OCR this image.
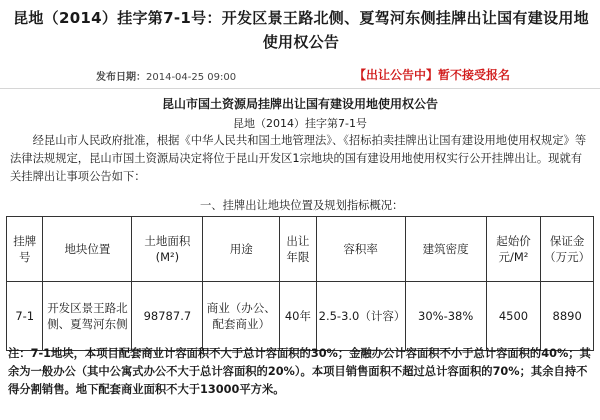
昆地（2014）挂字第7-1号：开发区景王路北侧、夏驾河东侧挂牌出让国有建设用地使用权公告
发布日期：2014-04-25 09:00	【出让公告中】暂不接受报名
昆山市国土资源局挂牌出让国有建设用地使用权公告
昆地（2014）挂字第7-1号
经昆山市人民政府批准，根据《中华人民共和国土地管理法》、《招标拍卖挂牌出让国有建设用地使用权规定》等法律法规规定，昆山市国土资源局决定将位于昆山开发区1宗地块的国有建设用地使用权实行公开挂牌出让。现就有关挂牌出让事项公告如下：
一、挂牌出让地块位置及规划指标概况：
挂牌号	地块位置	土地面积(M²)	用途	出让年限	容积率	建筑密度	起始价元/M²	保证金（万元）
7-1	开发区景王路北侧、夏驾河东侧	98787.7	商业（办公、配套商业）	40年	2.5-3.0（计容）	30%-38%	4500	8890
注：7-1地块，本项目配套商业计容面积不大于总计容面积的30%；金融办公计容面积不小于总计容面积的40%；其余为一般办公（其中公寓式办公不大于总计容面积的20%）。本项目销售面积不超过总计容面积的70%；其余自持不得分割销售。地下配套商业面积不大于13000平方米。
